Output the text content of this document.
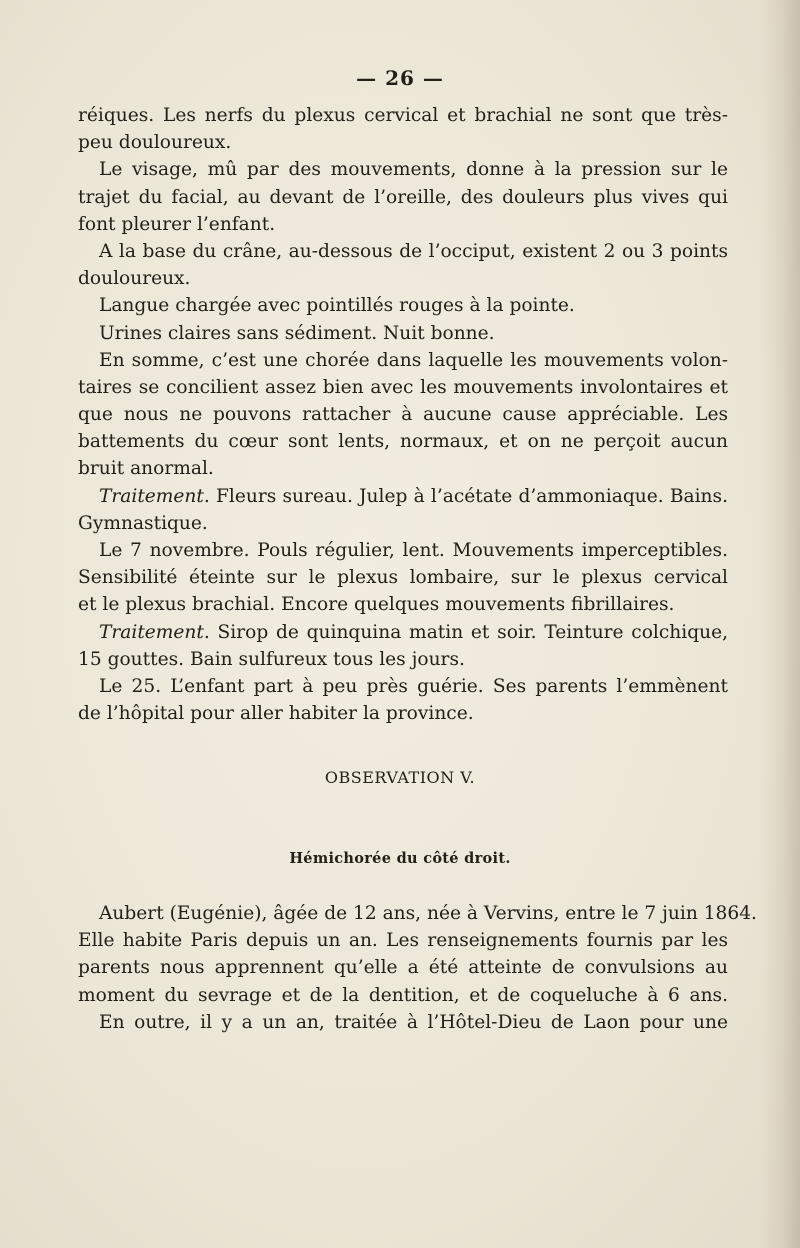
— 26 —
réiques. Les nerfs du plexus cervical et brachial ne sont que très-
peu douloureux.
Le visage, mû par des mouvements, donne à la pression sur le
trajet du facial, au devant de l’oreille, des douleurs plus vives qui
font pleurer l’enfant.
A la base du crâne, au-dessous de l’occiput, existent 2 ou 3 points
douloureux.
Langue chargée avec pointillés rouges à la pointe.
Urines claires sans sédiment. Nuit bonne.
En somme, c’est une chorée dans laquelle les mouvements volon-
taires se concilient assez bien avec les mouvements involontaires et
que nous ne pouvons rattacher à aucune cause appréciable. Les
battements du cœur sont lents, normaux, et on ne perçoit aucun
bruit anormal.
Traitement. Fleurs sureau. Julep à l’acétate d’ammoniaque. Bains.
Gymnastique.
Le 7 novembre. Pouls régulier, lent. Mouvements imperceptibles.
Sensibilité éteinte sur le plexus lombaire, sur le plexus cervical
et le plexus brachial. Encore quelques mouvements fibrillaires.
Traitement. Sirop de quinquina matin et soir. Teinture colchique,
15 gouttes. Bain sulfureux tous les jours.
Le 25. L’enfant part à peu près guérie. Ses parents l’emmènent
de l’hôpital pour aller habiter la province.
OBSERVATION V.
Hémichorée du côté droit.
Aubert (Eugénie), âgée de 12 ans, née à Vervins, entre le 7 juin 1864.
Elle habite Paris depuis un an. Les renseignements fournis par les
parents nous apprennent qu’elle a été atteinte de convulsions au
moment du sevrage et de la dentition, et de coqueluche à 6 ans.
En outre, il y a un an, traitée à l’Hôtel-Dieu de Laon pour une
